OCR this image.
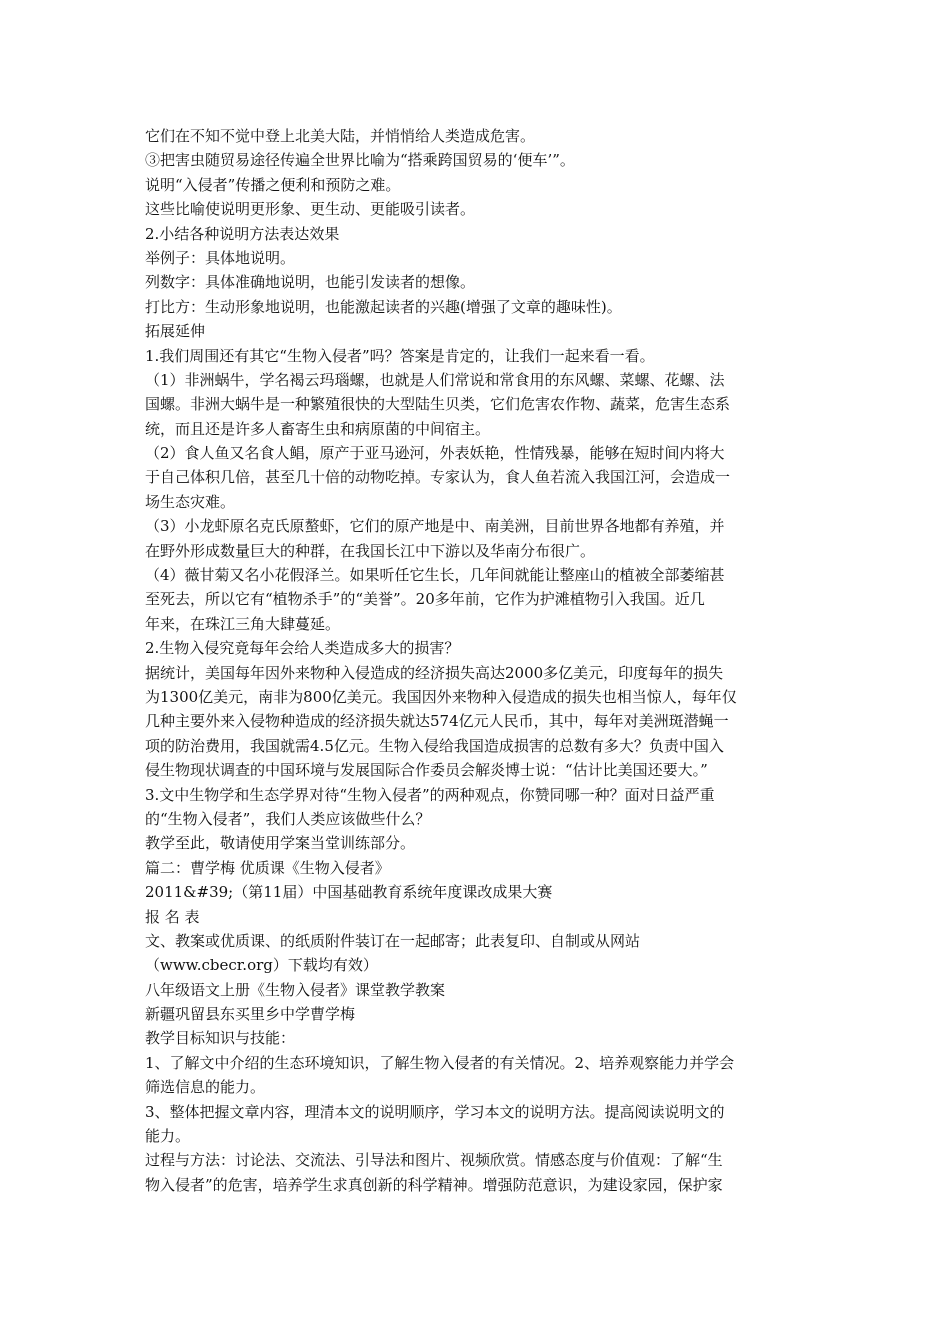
它们在不知不觉中登上北美大陆，并悄悄给人类造成危害。
③把害虫随贸易途径传遍全世界比喻为“搭乘跨国贸易的‘便车’”。
说明“入侵者”传播之便利和预防之难。
这些比喻使说明更形象、更生动、更能吸引读者。
2.小结各种说明方法表达效果
举例子：具体地说明。
列数字：具体准确地说明，也能引发读者的想像。
打比方：生动形象地说明，也能激起读者的兴趣(增强了文章的趣味性)。
拓展延伸
1.我们周围还有其它“生物入侵者”吗？答案是肯定的，让我们一起来看一看。
（1）非洲蜗牛，学名褐云玛瑙螺，也就是人们常说和常食用的东风螺、菜螺、花螺、法
国螺。非洲大蜗牛是一种繁殖很快的大型陆生贝类，它们危害农作物、蔬菜，危害生态系
统，而且还是许多人畜寄生虫和病原菌的中间宿主。
（2）食人鱼又名食人鲳，原产于亚马逊河，外表妖艳，性情残暴，能够在短时间内将大
于自己体积几倍，甚至几十倍的动物吃掉。专家认为，食人鱼若流入我国江河，会造成一
场生态灾难。
（3）小龙虾原名克氏原螯虾，它们的原产地是中、南美洲，目前世界各地都有养殖，并
在野外形成数量巨大的种群，在我国长江中下游以及华南分布很广。
（4）薇甘菊又名小花假泽兰。如果听任它生长，几年间就能让整座山的植被全部萎缩甚
至死去，所以它有“植物杀手”的“美誉”。20多年前，它作为护滩植物引入我国。近几
年来，在珠江三角大肆蔓延。
2.生物入侵究竟每年会给人类造成多大的损害？
据统计，美国每年因外来物种入侵造成的经济损失高达2000多亿美元，印度每年的损失
为1300亿美元，南非为800亿美元。我国因外来物种入侵造成的损失也相当惊人，每年仅
几种主要外来入侵物种造成的经济损失就达574亿元人民币，其中，每年对美洲斑潜蝇一
项的防治费用，我国就需4.5亿元。生物入侵给我国造成损害的总数有多大？负责中国入
侵生物现状调查的中国环境与发展国际合作委员会解炎博士说：“估计比美国还要大。”
3.文中生物学和生态学界对待“生物入侵者”的两种观点，你赞同哪一种？面对日益严重
的“生物入侵者”，我们人类应该做些什么？
教学至此，敬请使用学案当堂训练部分。
篇二：曹学梅 优质课《生物入侵者》
2011&#39;（第11届）中国基础教育系统年度课改成果大赛
报 名 表
文、教案或优质课、的纸质附件装订在一起邮寄；此表复印、自制或从网站
（www.cbecr.org）下载均有效）
八年级语文上册《生物入侵者》课堂教学教案
新疆巩留县东买里乡中学曹学梅
教学目标知识与技能：
1、了解文中介绍的生态环境知识，了解生物入侵者的有关情况。2、培养观察能力并学会
筛选信息的能力。
3、整体把握文章内容，理清本文的说明顺序，学习本文的说明方法。提高阅读说明文的
能力。
过程与方法：讨论法、交流法、引导法和图片、视频欣赏。情感态度与价值观：了解“生
物入侵者”的危害，培养学生求真创新的科学精神。增强防范意识，为建设家园，保护家
